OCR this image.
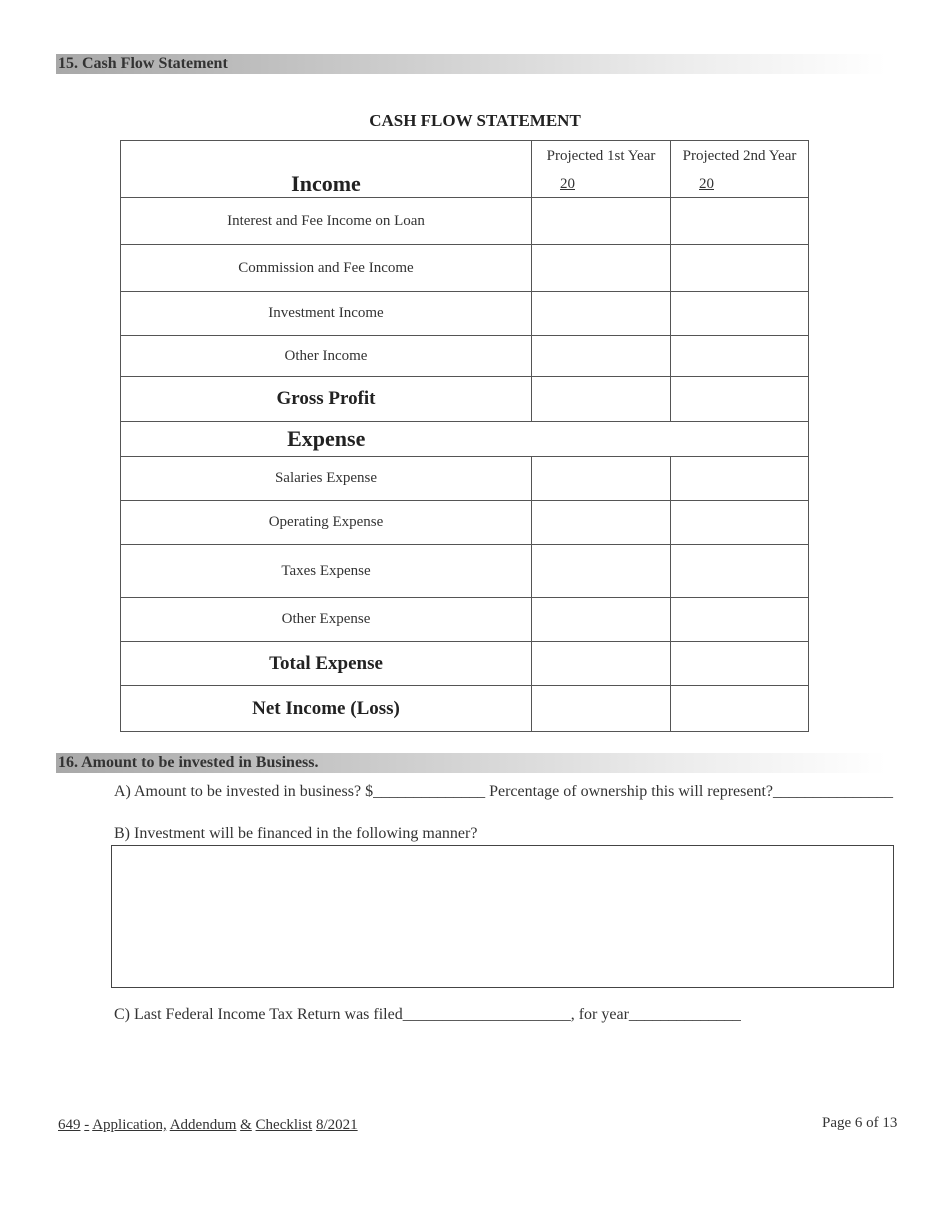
15. Cash Flow Statement
CASH FLOW STATEMENT
	Projected 1st Year	Projected 2nd Year
Income	20	20
Interest and Fee Income on Loan		
Commission and Fee Income		
Investment Income		
Other Income		
Gross Profit		
Expense		
Salaries Expense		
Operating Expense		
Taxes Expense		
Other Expense		
Total Expense		
Net Income (Loss)		
16. Amount to be invested in Business.
A) Amount to be invested in business? $______________ Percentage of ownership this will represent?_______________
B) Investment will be financed in the following manner?
C) Last Federal Income Tax Return was filed_____________________, for year______________
649 - Application, Addendum & Checklist 8/2021	Page 6 of 13
